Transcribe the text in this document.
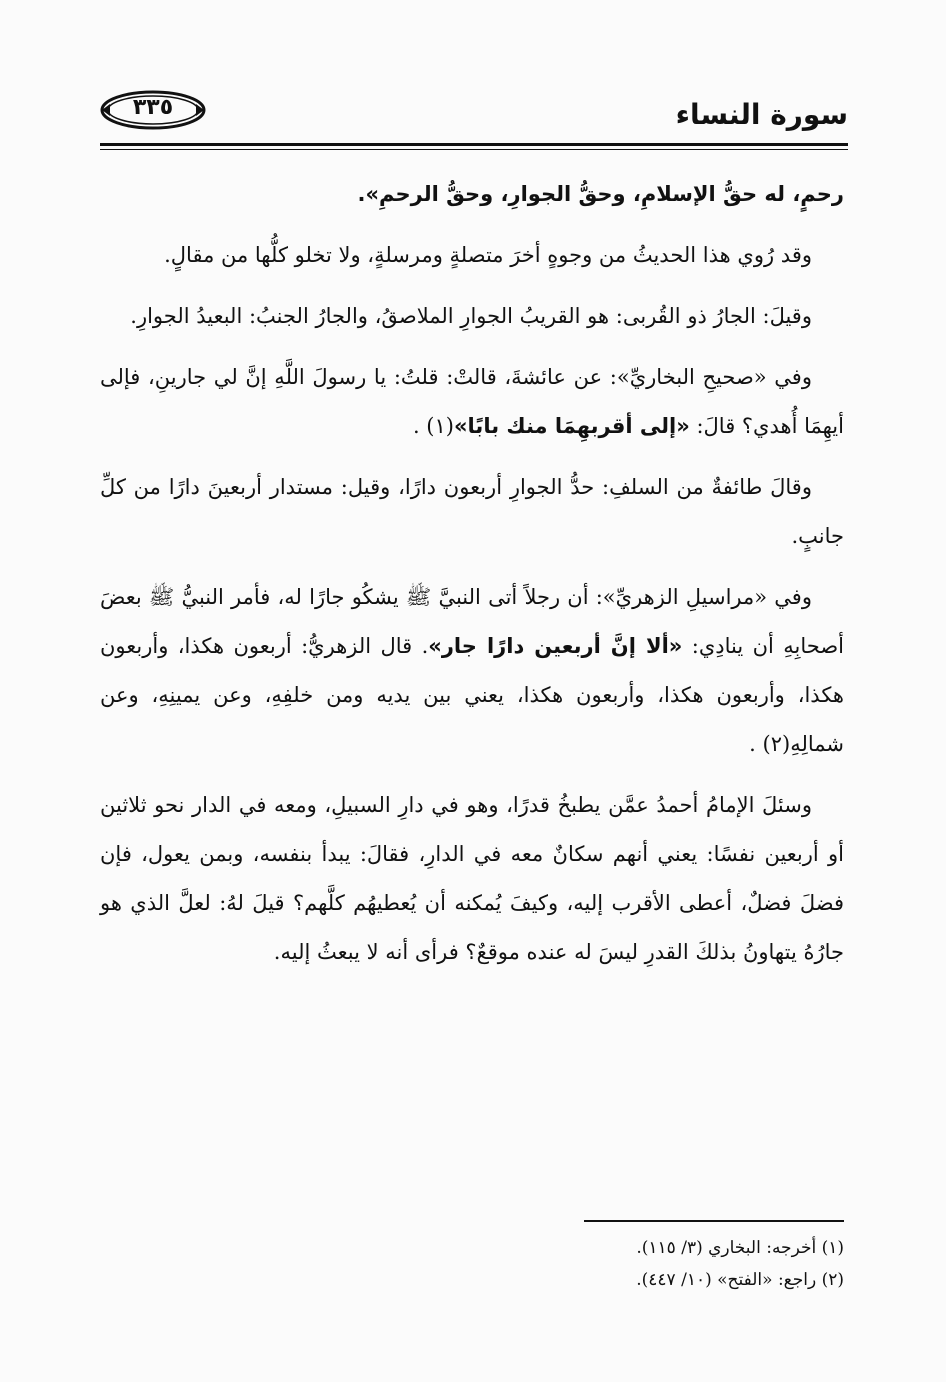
سورة النساء
٣٣٥

رحمٍ، له حقُّ الإسلامِ، وحقُّ الجوارِ، وحقُّ الرحمِ».

وقد رُوي هذا الحديثُ من وجوهٍ أخرَ متصلةٍ ومرسلةٍ، ولا تخلو كلُّها من مقالٍ.

وقيلَ: الجارُ ذو القُربى: هو القريبُ الجوارِ الملاصقُ، والجارُ الجنبُ: البعيدُ الجوارِ.

وفي «صحيحِ البخاريِّ»: عن عائشةَ، قالتْ: قلتُ: يا رسولَ اللَّهِ إنَّ لي جارينِ، فإلى أيهِمَا أُهدي؟ قالَ: «إلى أقربهِمَا منك بابًا»(١) .

وقالَ طائفةٌ من السلفِ: حدُّ الجوارِ أربعون دارًا، وقيل: مستدار أربعينَ دارًا من كلِّ جانبٍ.

وفي «مراسيلِ الزهريِّ»: أن رجلاً أتى النبيَّ ﷺ يشكُو جارًا له، فأمر النبيُّ ﷺ بعضَ أصحابِهِ أن ينادِي: «ألا إنَّ أربعين دارًا جار». قال الزهريُّ: أربعون هكذا، وأربعون هكذا، وأربعون هكذا، وأربعون هكذا، يعني بين يديه ومن خلفِهِ، وعن يمينِهِ، وعن شمالِهِ(٢) .

وسئلَ الإمامُ أحمدُ عمَّن يطبخُ قدرًا، وهو في دارِ السبيلِ، ومعه في الدار نحو ثلاثين أو أربعين نفسًا: يعني أنهم سكانٌ معه في الدارِ، فقالَ: يبدأ بنفسه، وبمن يعول، فإن فضلَ فضلٌ، أعطى الأقرب إليه، وكيفَ يُمكنه أن يُعطيهُم كلَّهم؟ قيلَ لهُ: لعلَّ الذي هو جارُهُ يتهاونُ بذلكَ القدرِ ليسَ له عنده موقعٌ؟ فرأى أنه لا يبعثُ إليه.

(١) أخرجه: البخاري (٣/ ١١٥).
(٢) راجع: «الفتح» (١٠/ ٤٤٧).
